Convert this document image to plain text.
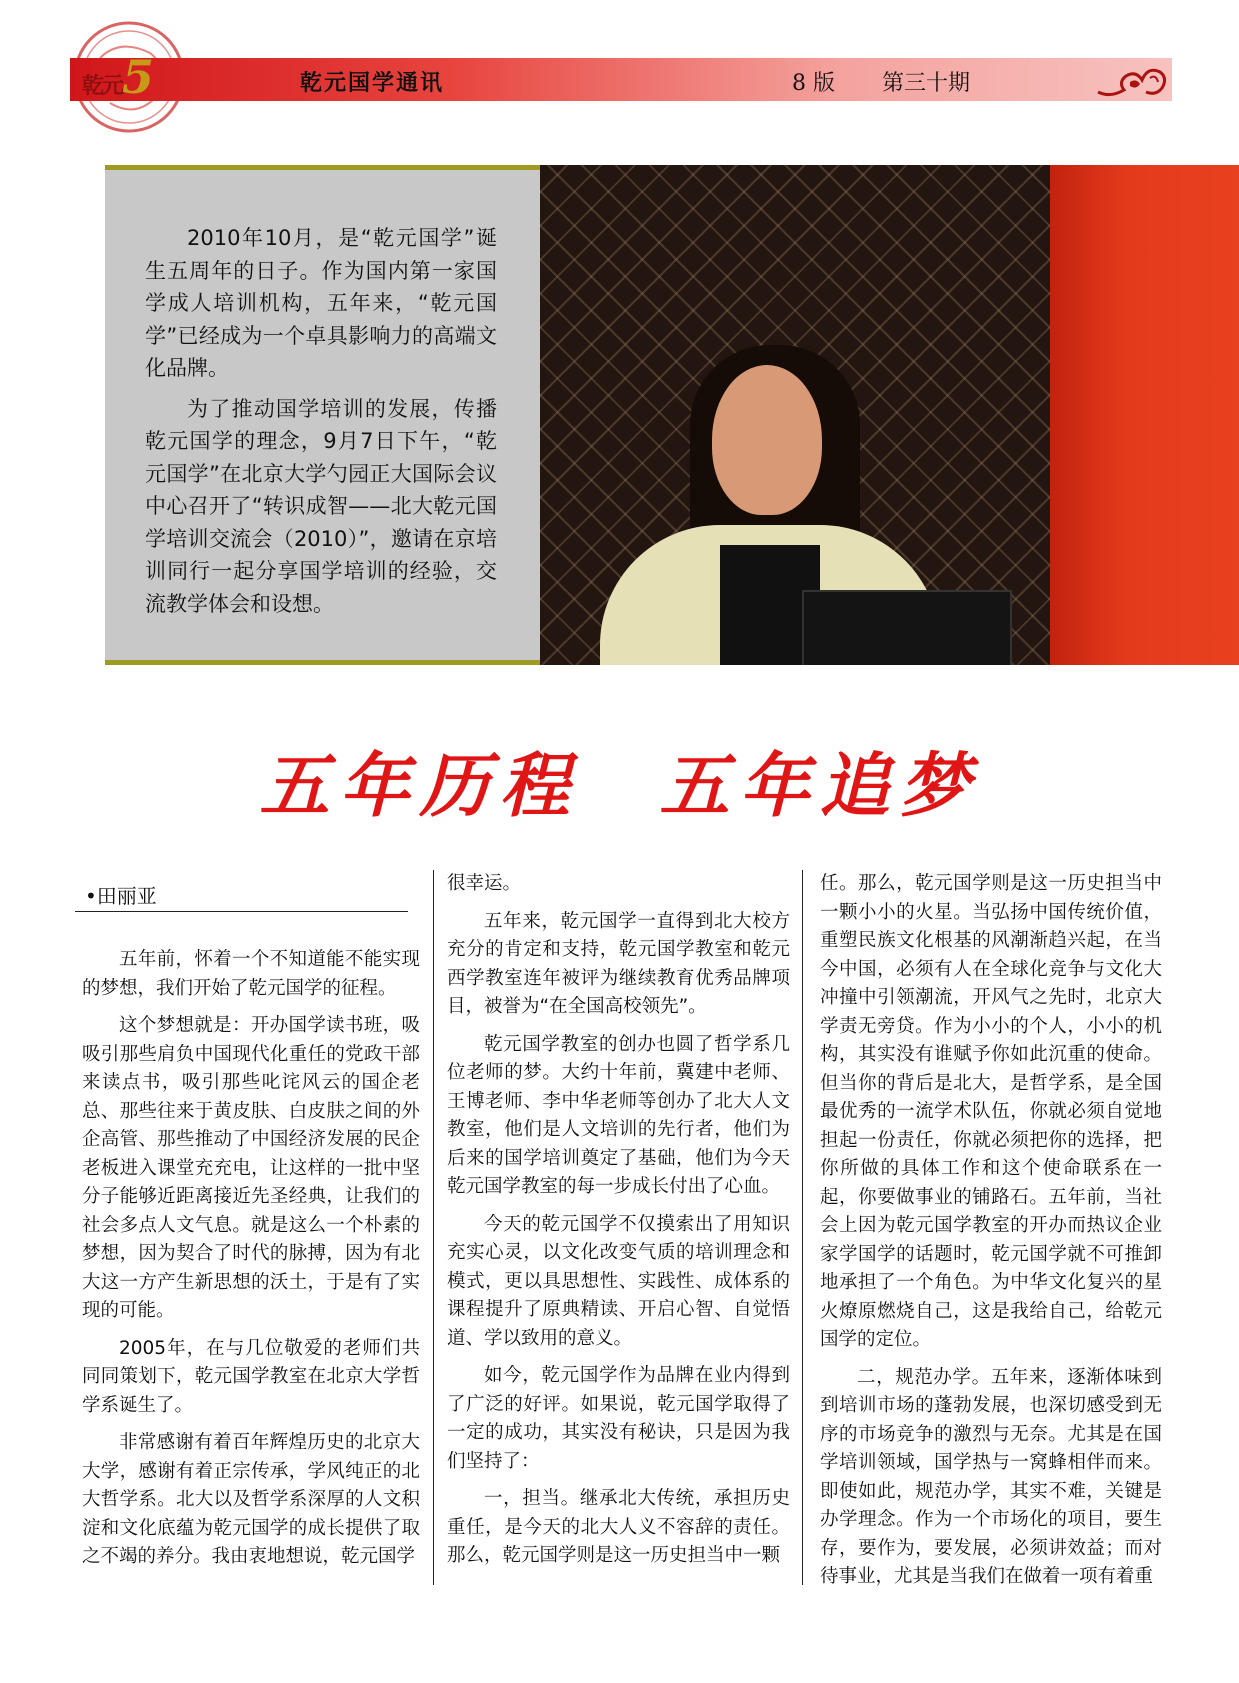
乾元5	乾元国学通讯	8 版 第三十期

2010年10月，是“乾元国学”诞生五周年的日子。作为国内第一家国学成人培训机构，五年来，“乾元国学”已经成为一个卓具影响力的高端文化品牌。

为了推动国学培训的发展，传播乾元国学的理念，9月7日下午，“乾元国学”在北京大学勺园正大国际会议中心召开了“转识成智——北大乾元国学培训交流会（2010）”，邀请在京培训同行一起分享国学培训的经验，交流教学体会和设想。

五年历程　五年追梦
•田丽亚

五年前，怀着一个不知道能不能实现的梦想，我们开始了乾元国学的征程。

这个梦想就是：开办国学读书班，吸吸引那些肩负中国现代化重任的党政干部来读点书，吸引那些叱诧风云的国企老总、那些往来于黄皮肤、白皮肤之间的外企高管、那些推动了中国经济发展的民企老板进入课堂充充电，让这样的一批中坚分子能够近距离接近先圣经典，让我们的社会多点人文气息。就是这么一个朴素的梦想，因为契合了时代的脉搏，因为有北大这一方产生新思想的沃土，于是有了实现的可能。

2005年，在与几位敬爱的老师们共同同策划下，乾元国学教室在北京大学哲学系诞生了。

非常感谢有着百年辉煌历史的北京大大学，感谢有着正宗传承，学风纯正的北大哲学系。北大以及哲学系深厚的人文积淀和文化底蕴为乾元国学的成长提供了取之不竭的养分。我由衷地想说，乾元国学

很幸运。

五年来，乾元国学一直得到北大校方充分的肯定和支持，乾元国学教室和乾元西学教室连年被评为继续教育优秀品牌项目，被誉为“在全国高校领先”。

乾元国学教室的创办也圆了哲学系几位老师的梦。大约十年前，冀建中老师、王博老师、李中华老师等创办了北大人文教室，他们是人文培训的先行者，他们为后来的国学培训奠定了基础，他们为今天乾元国学教室的每一步成长付出了心血。

今天的乾元国学不仅摸索出了用知识充实心灵，以文化改变气质的培训理念和模式，更以具思想性、实践性、成体系的课程提升了原典精读、开启心智、自觉悟道、学以致用的意义。

如今，乾元国学作为品牌在业内得到了广泛的好评。如果说，乾元国学取得了一定的成功，其实没有秘诀，只是因为我们坚持了：

一，担当。继承北大传统，承担历史重任，是今天的北大人义不容辞的责任。那么，乾元国学则是这一历史担当中一颗

任。那么，乾元国学则是这一历史担当中一颗小小的火星。当弘扬中国传统价值，重塑民族文化根基的风潮渐趋兴起，在当今中国，必须有人在全球化竞争与文化大冲撞中引领潮流，开风气之先时，北京大学责无旁贷。作为小小的个人，小小的机构，其实没有谁赋予你如此沉重的使命。但当你的背后是北大，是哲学系，是全国最优秀的一流学术队伍，你就必须自觉地担起一份责任，你就必须把你的选择，把你所做的具体工作和这个使命联系在一起，你要做事业的铺路石。五年前，当社会上因为乾元国学教室的开办而热议企业家学国学的话题时，乾元国学就不可推卸地承担了一个角色。为中华文化复兴的星火燎原燃烧自己，这是我给自己，给乾元国学的定位。

二，规范办学。五年来，逐渐体味到到培训市场的蓬勃发展，也深切感受到无序的市场竞争的激烈与无奈。尤其是在国学培训领域，国学热与一窝蜂相伴而来。即使如此，规范办学，其实不难，关键是办学理念。作为一个市场化的项目，要生存，要作为，要发展，必须讲效益；而对待事业，尤其是当我们在做着一项有着重
